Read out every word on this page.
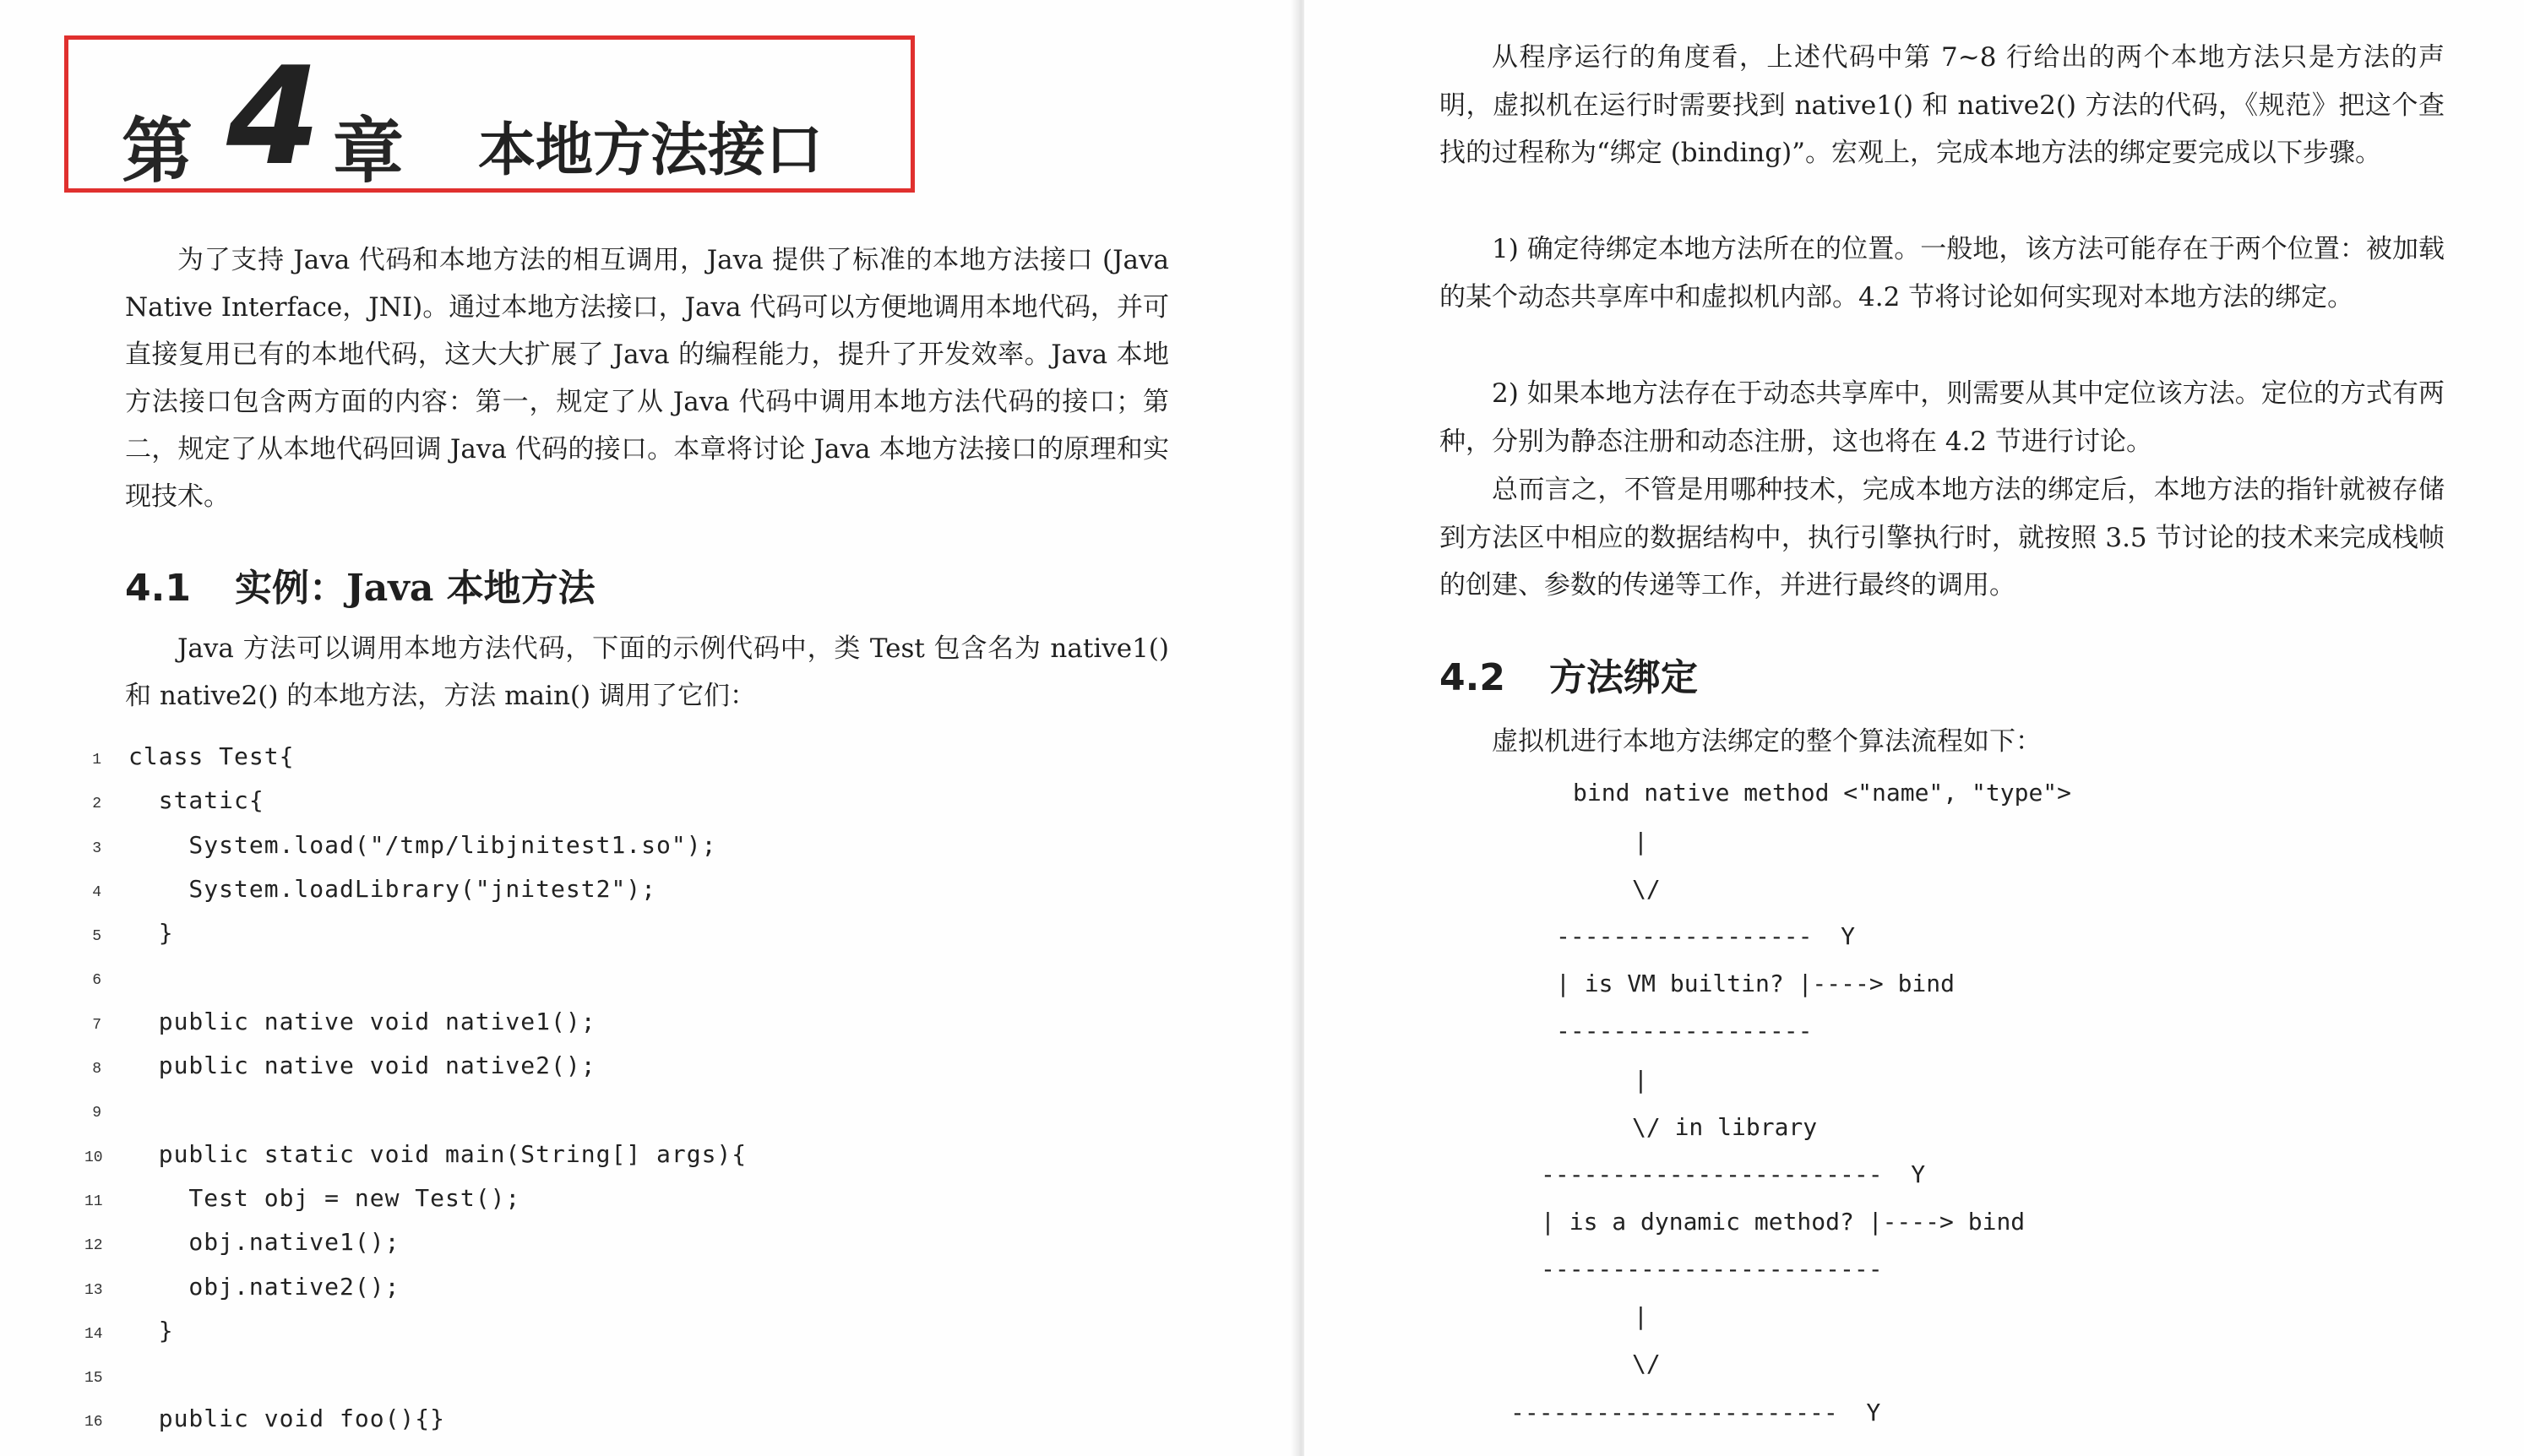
第 4 章 本地方法接口

为了支持 Java 代码和本地方法的相互调用，Java 提供了标准的本地方法接口 (Java Native Interface，JNI)。通过本地方法接口，Java 代码可以方便地调用本地代码，并可直接复用已有的本地代码，这大大扩展了 Java 的编程能力，提升了开发效率。Java 本地方法接口包含两方面的内容：第一，规定了从 Java 代码中调用本地方法代码的接口；第二，规定了从本地代码回调 Java 代码的接口。本章将讨论 Java 本地方法接口的原理和实现技术。

4.1 实例：Java 本地方法

Java 方法可以调用本地方法代码，下面的示例代码中，类 Test 包含名为 native1() 和 native2() 的本地方法，方法 main() 调用了它们：

1 class Test{
2 static{
3 System.load("/tmp/libjnitest1.so");
4 System.loadLibrary("jnitest2");
5 }
6
7 public native void native1();
8 public native void native2();
9
10 public static void main(String[] args){
11 Test obj = new Test();
12 obj.native1();
13 obj.native2();
14 }
15
16 public void foo(){}

从程序运行的角度看，上述代码中第 7~8 行给出的两个本地方法只是方法的声明，虚拟机在运行时需要找到 native1() 和 native2() 方法的代码，《规范》把这个查找的过程称为“绑定 (binding)”。宏观上，完成本地方法的绑定要完成以下步骤。

1) 确定待绑定本地方法所在的位置。一般地，该方法可能存在于两个位置：被加载的某个动态共享库中和虚拟机内部。4.2 节将讨论如何实现对本地方法的绑定。

2) 如果本地方法存在于动态共享库中，则需要从其中定位该方法。定位的方式有两种，分别为静态注册和动态注册，这也将在 4.2 节进行讨论。

总而言之，不管是用哪种技术，完成本地方法的绑定后，本地方法的指针就被存储到方法区中相应的数据结构中，执行引擎执行时，就按照 3.5 节讨论的技术来完成栈帧的创建、参数的传递等工作，并进行最终的调用。

4.2 方法绑定

虚拟机进行本地方法绑定的整个算法流程如下：

bind native method <"name", "type">
|
\/
------------------  Y
| is VM builtin? |----> bind
------------------
|
\/ in library
------------------------  Y
| is a dynamic method? |----> bind
------------------------
|
\/
-----------------------  Y
